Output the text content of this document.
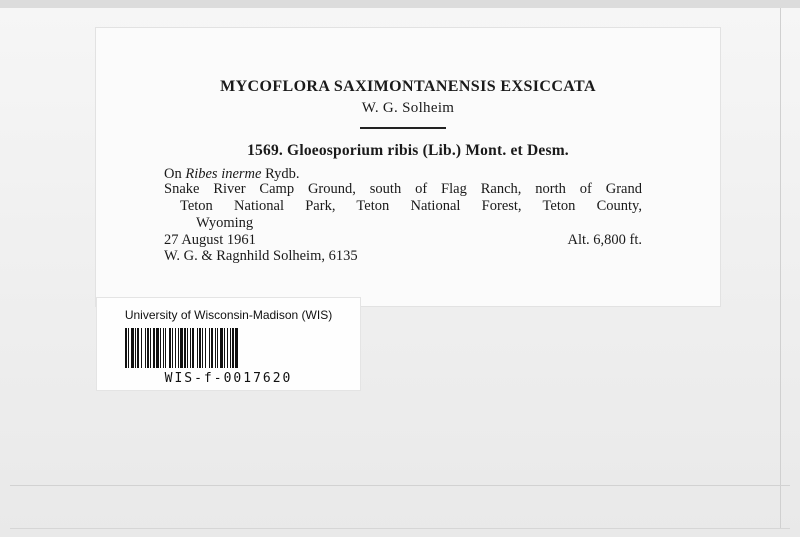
MYCOFLORA SAXIMONTANENSIS EXSICCATA
W. G. Solheim
1569. Gloeosporium ribis (Lib.) Mont. et Desm.
On Ribes inerme Rydb.
Snake River Camp Ground, south of Flag Ranch, north of Grand
Teton National Park, Teton National Forest, Teton County,
Wyoming
27 August 1961	Alt. 6,800 ft.
W. G. & Ragnhild Solheim, 6135
University of Wisconsin-Madison (WIS)
WIS-f-0017620
